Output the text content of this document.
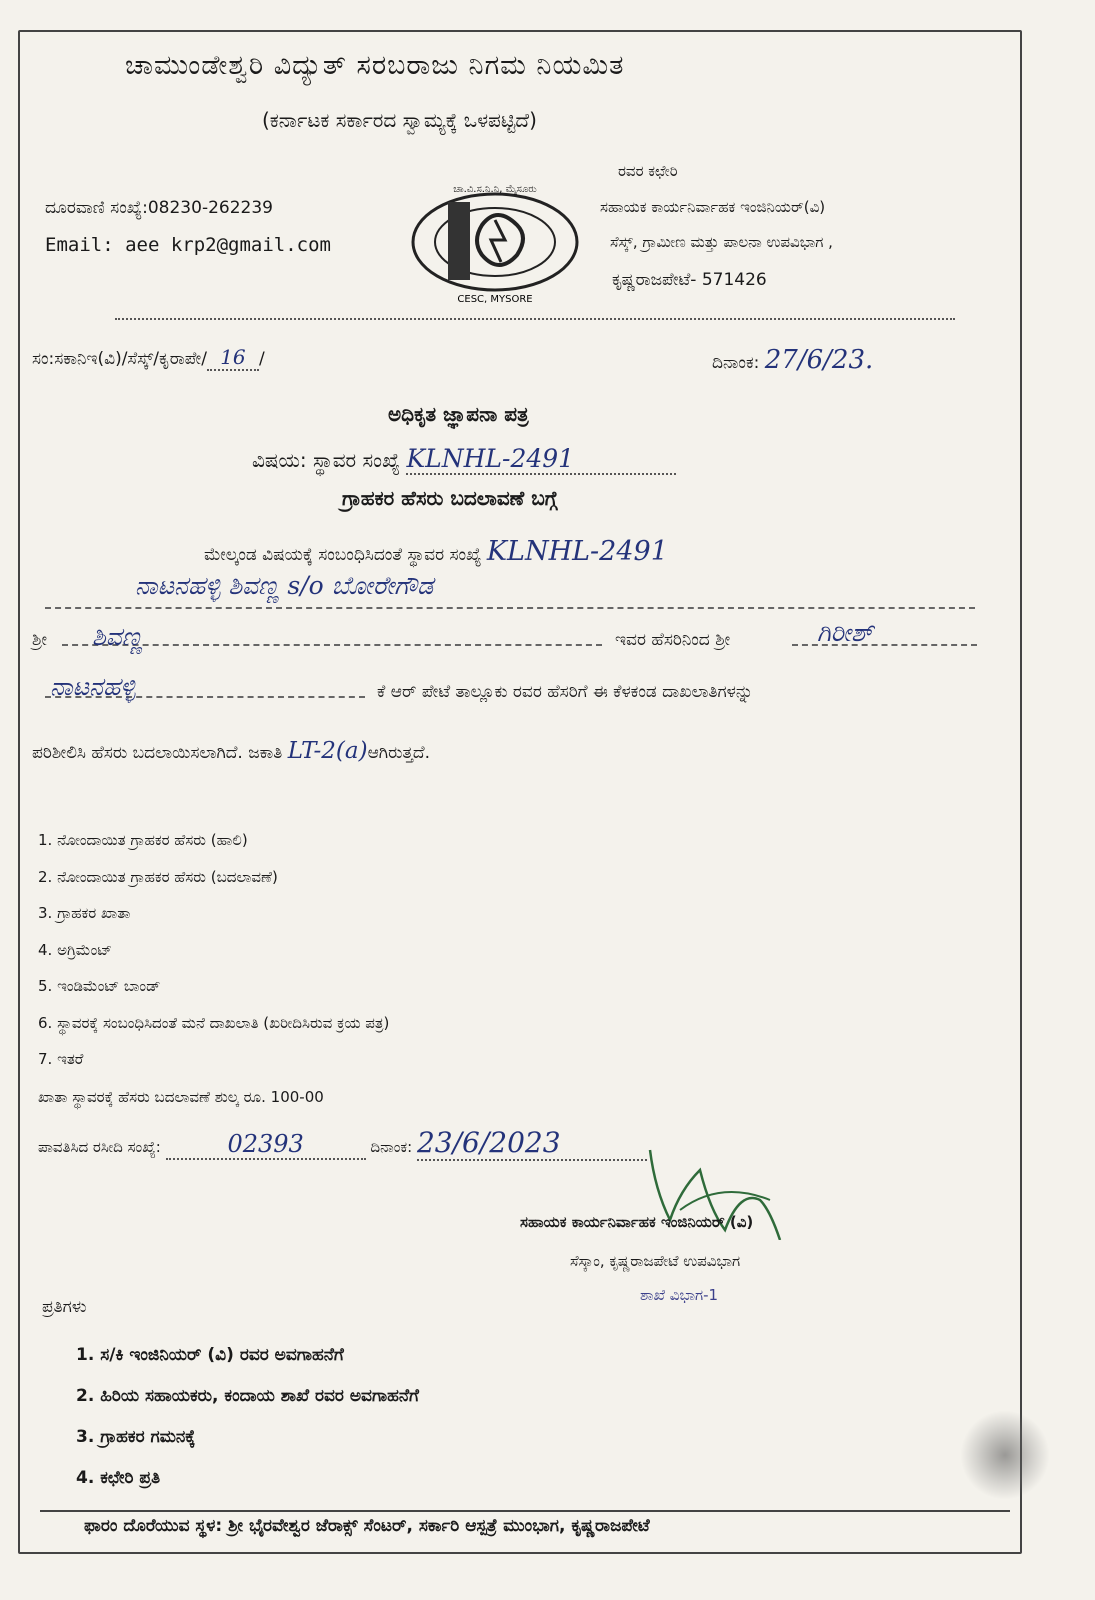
ಚಾಮುಂಡೇಶ್ವರಿ ವಿದ್ಯುತ್ ಸರಬರಾಜು ನಿಗಮ ನಿಯಮಿತ
(ಕರ್ನಾಟಕ ಸರ್ಕಾರದ ಸ್ವಾಮ್ಯಕ್ಕೆ ಒಳಪಟ್ಟಿದೆ)
ದೂರವಾಣಿ ಸಂಖ್ಯೆ:08230-262239
Email: aee krp2@gmail.com
ಚಾ.ವಿ.ಸ.ನಿ.ನಿ, ಮೈಸೂರು
CESC, MYSORE
ರವರ ಕಛೇರಿ
ಸಹಾಯಕ ಕಾರ್ಯನಿರ್ವಾಹಕ ಇಂಜಿನಿಯರ್(ವಿ)
ಸೆಸ್ಕ್, ಗ್ರಾಮೀಣ ಮತ್ತು ಪಾಲನಾ ಉಪವಿಭಾಗ ,
ಕೃಷ್ಣರಾಜಪೇಟೆ- 571426
ಸಂ:ಸಕಾನಿಇ(ವಿ)/ಸೆಸ್ಕ್/ಕೃರಾಪೇ/ 16 /	ದಿನಾಂಕ: 27/6/23.
ಅಧಿಕೃತ ಜ್ಞಾಪನಾ ಪತ್ರ
ವಿಷಯ: ಸ್ಥಾವರ ಸಂಖ್ಯೆ KLNHL-2491
ಗ್ರಾಹಕರ ಹೆಸರು ಬದಲಾವಣೆ ಬಗ್ಗೆ
ಮೇಲ್ಕಂಡ ವಿಷಯಕ್ಕೆ ಸಂಬಂಧಿಸಿದಂತೆ ಸ್ಥಾವರ ಸಂಖ್ಯೆ KLNHL-2491
ನಾಟನಹಳ್ಳಿ ಶಿವಣ್ಣ s/o ಬೋರೇಗೌಡ
ಶ್ರೀ ಶಿವಣ್ಣ	ಇವರ ಹೆಸರಿನಿಂದ ಶ್ರೀ	ಗಿರೀಶ್
ನಾಟನಹಳ್ಳಿ	ಕೆ ಆರ್ ಪೇಟೆ ತಾಲ್ಲೂಕು ರವರ ಹೆಸರಿಗೆ ಈ ಕೆಳಕಂಡ ದಾಖಲಾತಿಗಳನ್ನು
ಪರಿಶೀಲಿಸಿ ಹೆಸರು ಬದಲಾಯಿಸಲಾಗಿದೆ. ಜಕಾತಿ LT-2(a)ಆಗಿರುತ್ತದೆ.
1. ನೋಂದಾಯಿತ ಗ್ರಾಹಕರ ಹೆಸರು (ಹಾಲಿ)
2. ನೋಂದಾಯಿತ ಗ್ರಾಹಕರ ಹೆಸರು (ಬದಲಾವಣೆ)
3. ಗ್ರಾಹಕರ ಖಾತಾ
4. ಅಗ್ರಿಮೆಂಟ್
5. ಇಂಡಿಮೆಂಟ್ ಬಾಂಡ್
6. ಸ್ಥಾವರಕ್ಕೆ ಸಂಬಂಧಿಸಿದಂತೆ ಮನೆ ದಾಖಲಾತಿ (ಖರೀದಿಸಿರುವ ಕ್ರಯ ಪತ್ರ)
7. ಇತರೆ
ಖಾತಾ ಸ್ಥಾವರಕ್ಕೆ ಹೆಸರು ಬದಲಾವಣೆ ಶುಲ್ಕ ರೂ. 100-00
ಪಾವತಿಸಿದ ರಸೀದಿ ಸಂಖ್ಯೆ:	02393	ದಿನಾಂಕ: 23/6/2023
ಸಹಾಯಕ ಕಾರ್ಯನಿರ್ವಾಹಕ ಇಂಜಿನಿಯರ್ (ವಿ)
ಸೆಸ್ಕಾಂ, ಕೃಷ್ಣರಾಜಪೇಟೆ ಉಪವಿಭಾಗ
ಶಾಖೆ ವಿಭಾಗ-1
ಪ್ರತಿಗಳು
1. ಸ/ಕಿ ಇಂಜಿನಿಯರ್ (ವಿ) ರವರ ಅವಗಾಹನೆಗೆ
2. ಹಿರಿಯ ಸಹಾಯಕರು, ಕಂದಾಯ ಶಾಖೆ ರವರ ಅವಗಾಹನೆಗೆ
3. ಗ್ರಾಹಕರ ಗಮನಕ್ಕೆ
4. ಕಛೇರಿ ಪ್ರತಿ
ಫಾರಂ ದೊರೆಯುವ ಸ್ಥಳ: ಶ್ರೀ ಭೈರವೇಶ್ವರ ಜೆರಾಕ್ಸ್ ಸೆಂಟರ್, ಸರ್ಕಾರಿ ಆಸ್ಪತ್ರೆ ಮುಂಭಾಗ, ಕೃಷ್ಣರಾಜಪೇಟೆ
